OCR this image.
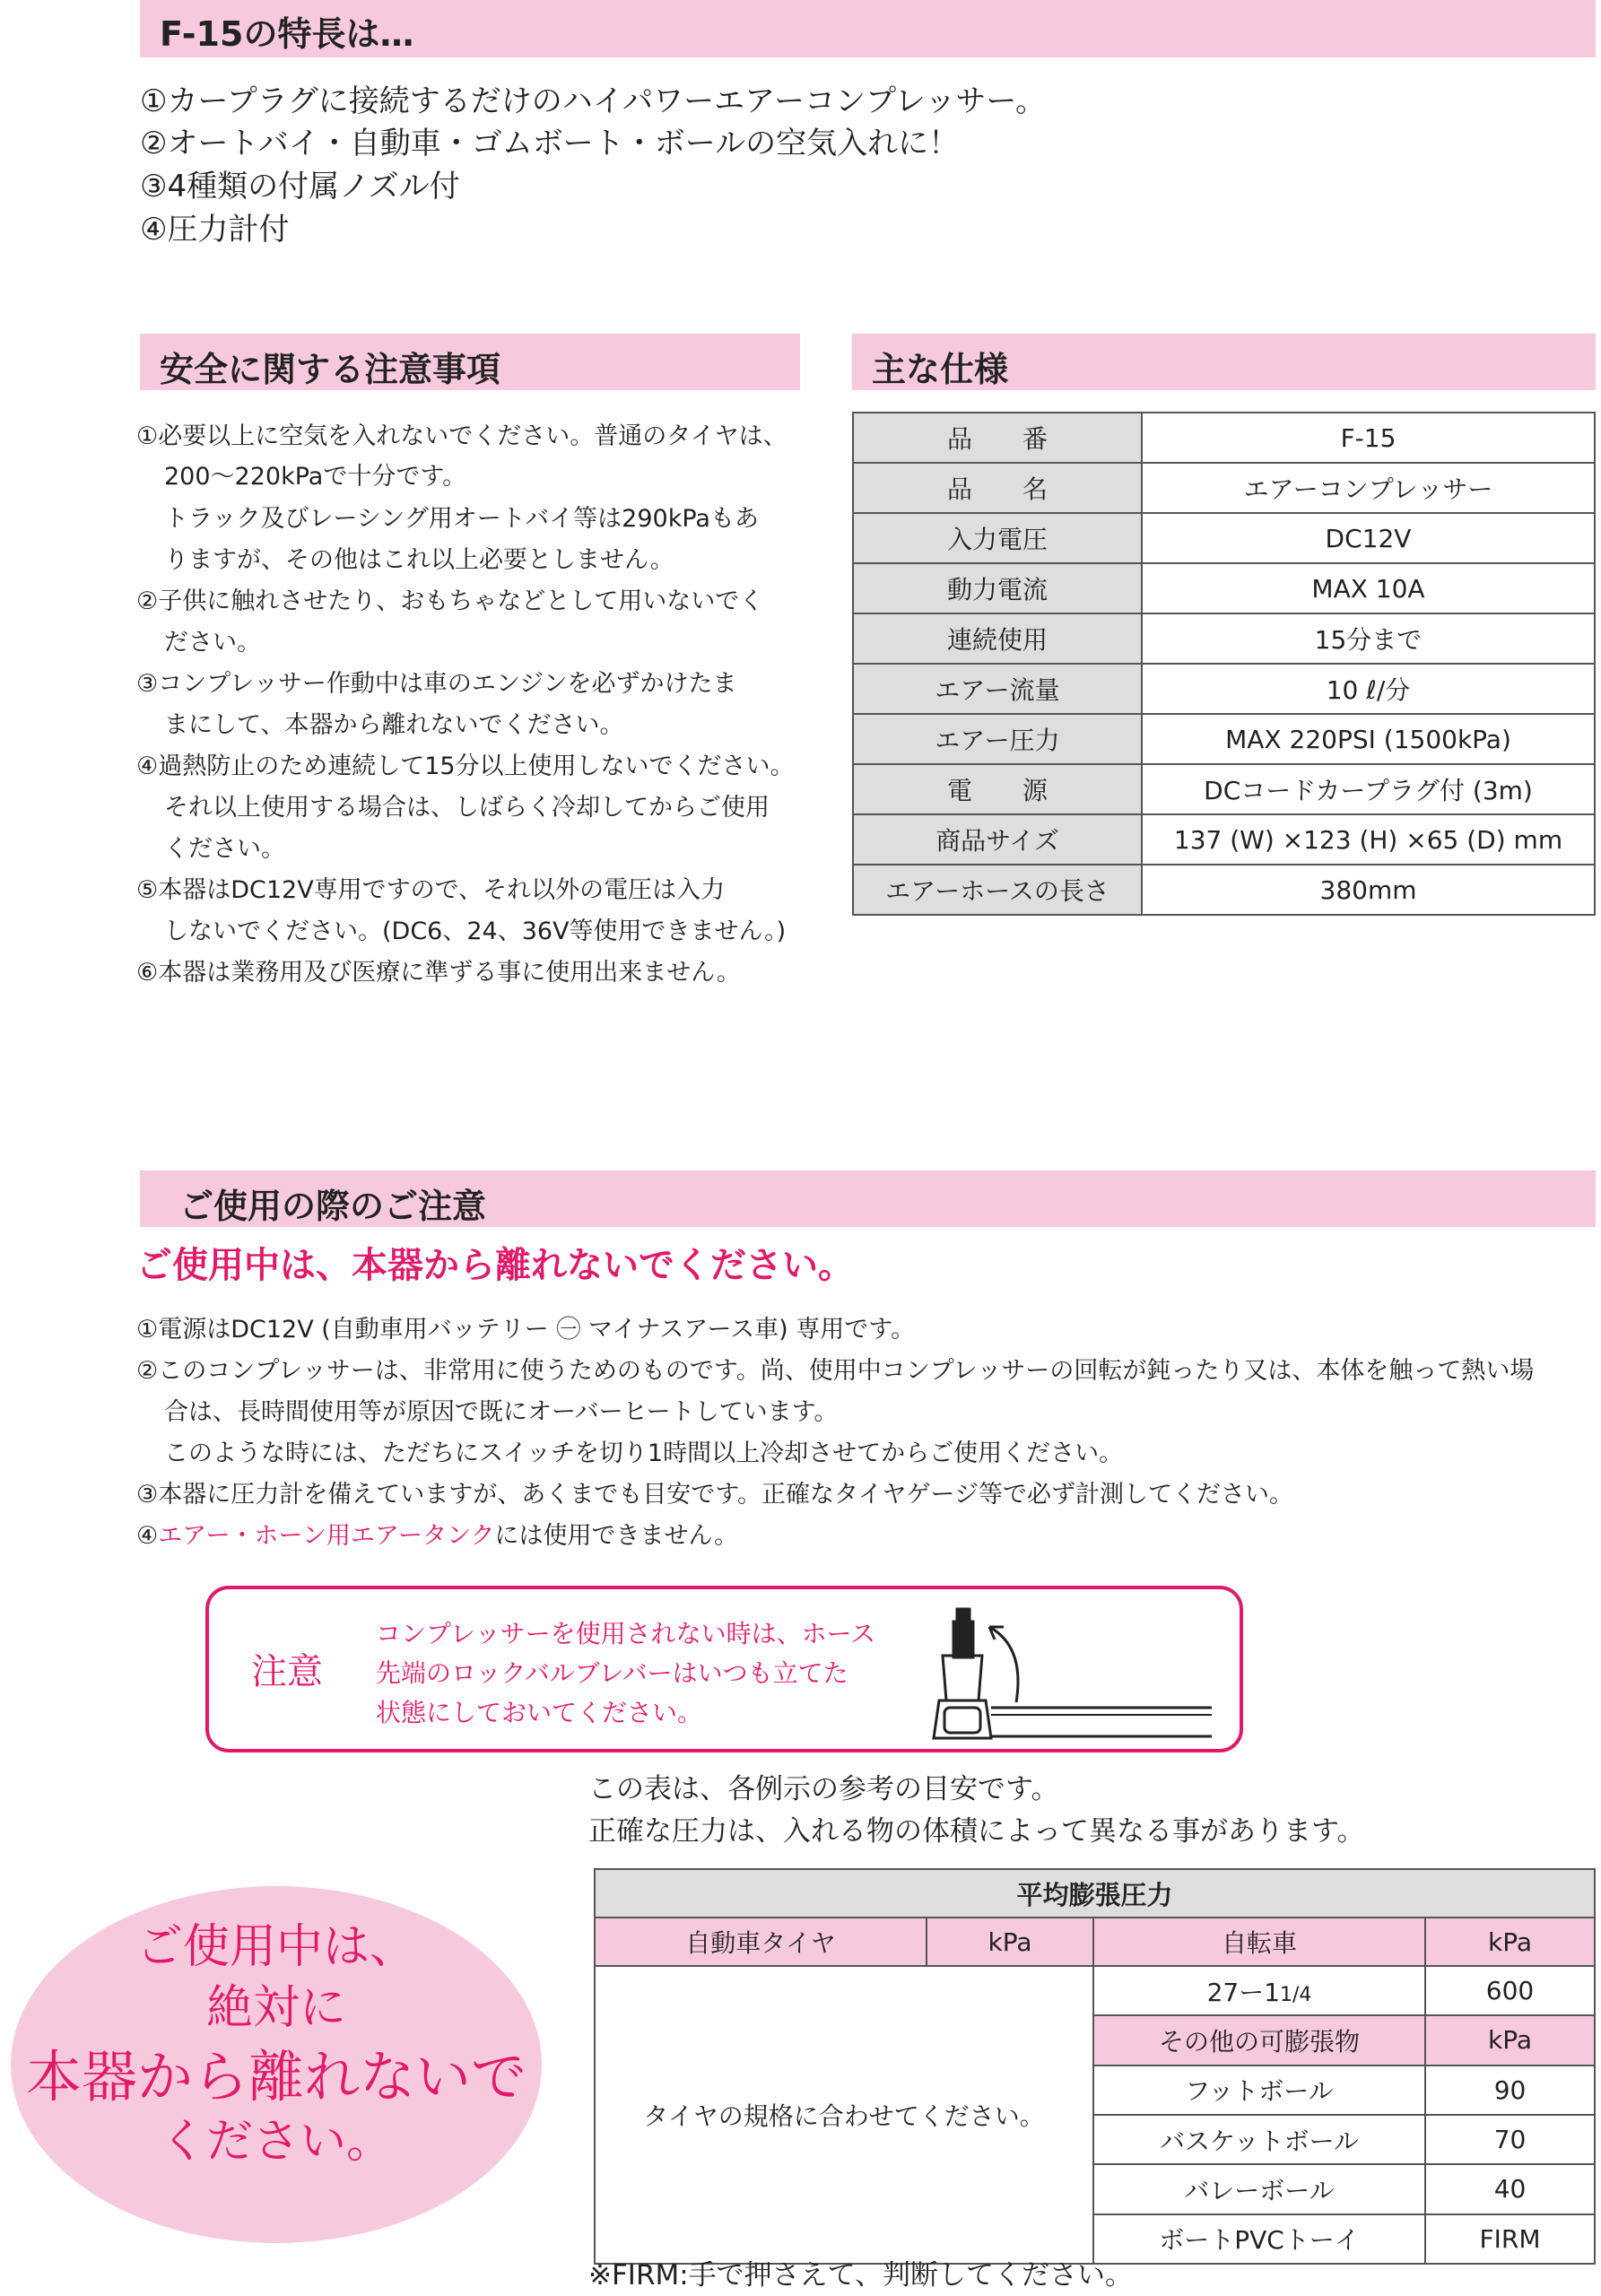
F-15の特長は…
①カープラグに接続するだけのハイパワーエアーコンプレッサー。
②オートバイ・自動車・ゴムボート・ボールの空気入れに！
③4種類の付属ノズル付
④圧力計付
安全に関する注意事項
①必要以上に空気を入れないでください。普通のタイヤは、
200〜220kPaで十分です。
トラック及びレーシング用オートバイ等は290kPaもあ
りますが、その他はこれ以上必要としません。
②子供に触れさせたり、おもちゃなどとして用いないでく
ださい。
③コンプレッサー作動中は車のエンジンを必ずかけたま
まにして、本器から離れないでください。
④過熱防止のため連続して15分以上使用しないでください。
それ以上使用する場合は、しばらく冷却してからご使用
ください。
⑤本器はDC12V専用ですので、それ以外の電圧は入力
しないでください。(DC6、24、36V等使用できません。)
⑥本器は業務用及び医療に準ずる事に使用出来ません。
主な仕様
品　　番	F-15
品　　名	エアーコンプレッサー
入力電圧	DC12V
動力電流	MAX 10A
連続使用	15分まで
エアー流量	10 ℓ/分
エアー圧力	MAX 220PSI (1500kPa)
電　　源	DCコードカープラグ付 (3m)
商品サイズ	137 (W) ×123 (H) ×65 (D) mm
エアーホースの長さ	380mm
ご使用の際のご注意
ご使用中は、本器から離れないでください。
①電源はDC12V (自動車用バッテリー ㊀ マイナスアース車) 専用です。
②このコンプレッサーは、非常用に使うためのものです。尚、使用中コンプレッサーの回転が鈍ったり又は、本体を触って熱い場
合は、長時間使用等が原因で既にオーバーヒートしています。
このような時には、ただちにスイッチを切り1時間以上冷却させてからご使用ください。
③本器に圧力計を備えていますが、あくまでも目安です。正確なタイヤゲージ等で必ず計測してください。
④エアー・ホーン用エアータンクには使用できません。
注意
コンプレッサーを使用されない時は、ホース
先端のロックバルブレバーはいつも立てた
状態にしておいてください。
この表は、各例示の参考の目安です。
正確な圧力は、入れる物の体積によって異なる事があります。
平均膨張圧力			
自動車タイヤ	kPa	自転車	kPa
タイヤの規格に合わせてください。		27ー11/4	600
		その他の可膨張物	kPa
		フットボール	90
		バスケットボール	70
		バレーボール	40
		ボートPVCトーイ	FIRM
※FIRM:手で押さえて、判断してください。
ご使用中は、
絶対に
本器から離れないで
ください。
